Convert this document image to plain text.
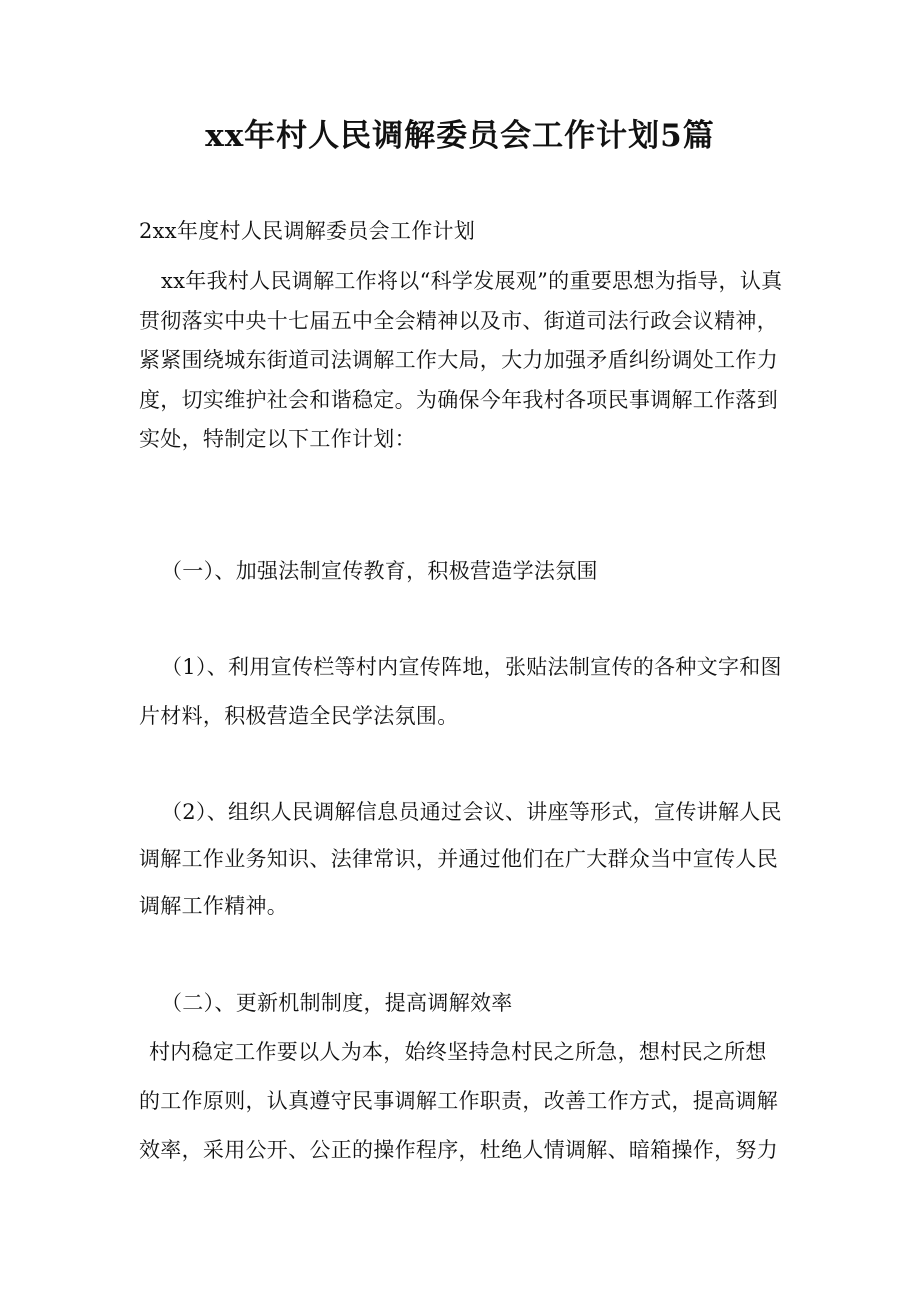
xx年村人民调解委员会工作计划5篇
2xx年度村人民调解委员会工作计划
xx年我村人民调解工作将以“科学发展观”的重要思想为指导，认真
贯彻落实中央十七届五中全会精神以及市、街道司法行政会议精神，
紧紧围绕城东街道司法调解工作大局，大力加强矛盾纠纷调处工作力
度，切实维护社会和谐稳定。为确保今年我村各项民事调解工作落到
实处，特制定以下工作计划：
（一）、加强法制宣传教育，积极营造学法氛围
（1）、利用宣传栏等村内宣传阵地，张贴法制宣传的各种文字和图
片材料，积极营造全民学法氛围。
（2）、组织人民调解信息员通过会议、讲座等形式，宣传讲解人民
调解工作业务知识、法律常识，并通过他们在广大群众当中宣传人民
调解工作精神。
（二）、更新机制制度，提高调解效率
村内稳定工作要以人为本，始终坚持急村民之所急，想村民之所想
的工作原则，认真遵守民事调解工作职责，改善工作方式，提高调解
效率，采用公开、公正的操作程序，杜绝人情调解、暗箱操作，努力
